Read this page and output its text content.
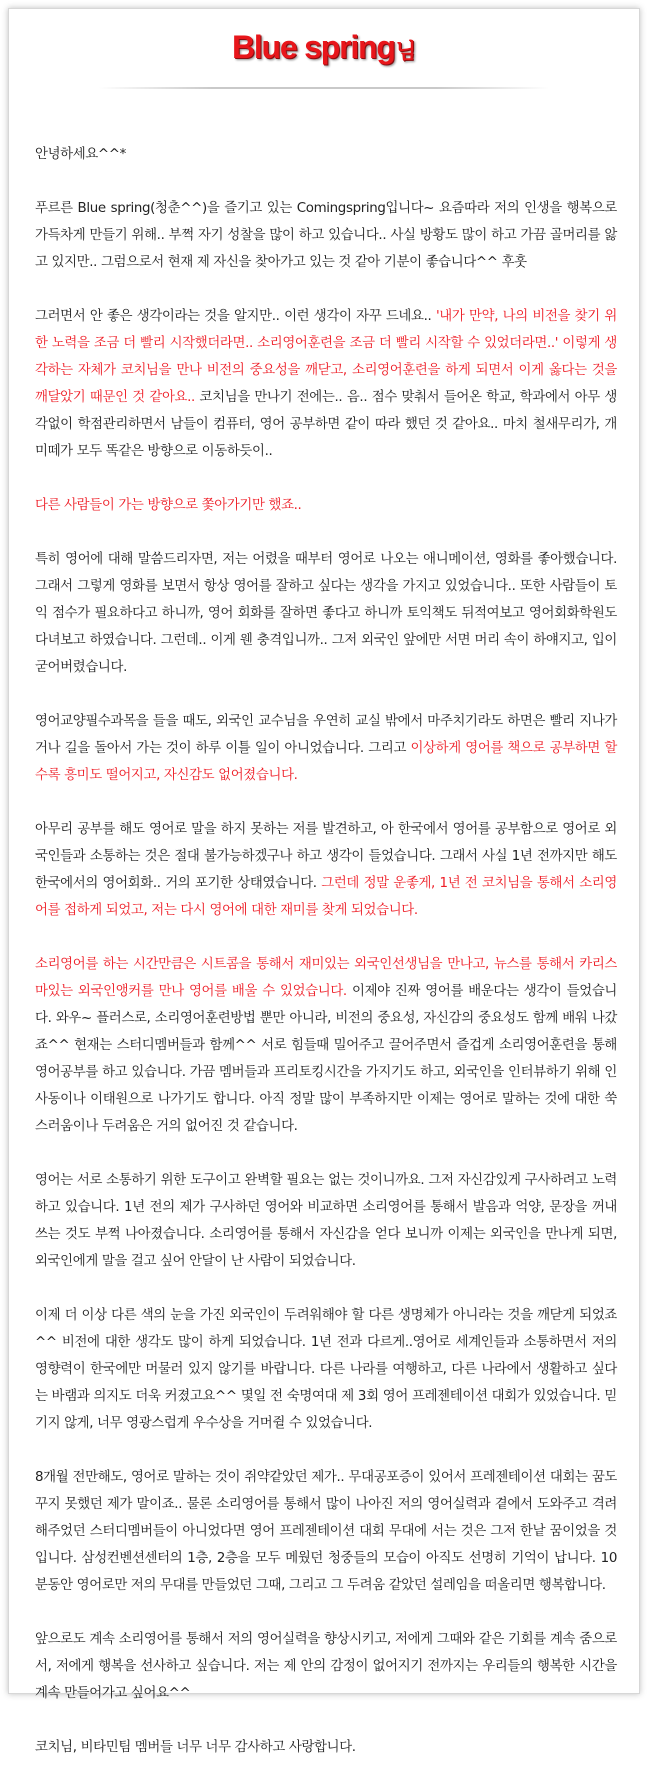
Blue spring님

안녕하세요^^*

푸르른 Blue spring(청춘^^)을 즐기고 있는 Comingspring입니다~ 요즘따라 저의 인생을 행복으로 가득차게 만들기 위해.. 부쩍 자기 성찰을 많이 하고 있습니다.. 사실 방황도 많이 하고 가끔 골머리를 앓고 있지만.. 그럼으로서 현재 제 자신을 찾아가고 있는 것 같아 기분이 좋습니다^^ 후훗

그러면서 안 좋은 생각이라는 것을 알지만.. 이런 생각이 자꾸 드네요.. '내가 만약, 나의 비전을 찾기 위한 노력을 조금 더 빨리 시작했더라면.. 소리영어훈련을 조금 더 빨리 시작할 수 있었더라면..' 이렇게 생각하는 자체가 코치님을 만나 비전의 중요성을 깨닫고, 소리영어훈련을 하게 되면서 이게 옳다는 것을 깨달았기 때문인 것 같아요.. 코치님을 만나기 전에는.. 음.. 점수 맞춰서 들어온 학교, 학과에서 아무 생각없이 학점관리하면서 남들이 컴퓨터, 영어 공부하면 같이 따라 했던 것 같아요.. 마치 철새무리가, 개미떼가 모두 똑같은 방향으로 이동하듯이..

다른 사람들이 가는 방향으로 쫓아가기만 했죠..

특히 영어에 대해 말씀드리자면, 저는 어렸을 때부터 영어로 나오는 애니메이션, 영화를 좋아했습니다. 그래서 그렇게 영화를 보면서 항상 영어를 잘하고 싶다는 생각을 가지고 있었습니다.. 또한 사람들이 토익 점수가 필요하다고 하니까, 영어 회화를 잘하면 좋다고 하니까 토익책도 뒤적여보고 영어회화학원도 다녀보고 하였습니다. 그런데.. 이게 웬 충격입니까.. 그저 외국인 앞에만 서면 머리 속이 하얘지고, 입이 굳어버렸습니다.

영어교양필수과목을 들을 때도, 외국인 교수님을 우연히 교실 밖에서 마주치기라도 하면은 빨리 지나가거나 길을 돌아서 가는 것이 하루 이틀 일이 아니었습니다. 그리고 이상하게 영어를 책으로 공부하면 할수록 흥미도 떨어지고, 자신감도 없어졌습니다.

아무리 공부를 해도 영어로 말을 하지 못하는 저를 발견하고, 아 한국에서 영어를 공부함으로 영어로 외국인들과 소통하는 것은 절대 불가능하겠구나 하고 생각이 들었습니다. 그래서 사실 1년 전까지만 해도 한국에서의 영어회화.. 거의 포기한 상태였습니다. 그런데 정말 운좋게, 1년 전 코치님을 통해서 소리영어를 접하게 되었고, 저는 다시 영어에 대한 재미를 찾게 되었습니다.

소리영어를 하는 시간만큼은 시트콤을 통해서 재미있는 외국인선생님을 만나고, 뉴스를 통해서 카리스마있는 외국인앵커를 만나 영어를 배울 수 있었습니다. 이제야 진짜 영어를 배운다는 생각이 들었습니다. 와우~ 플러스로, 소리영어훈련방법 뿐만 아니라, 비전의 중요성, 자신감의 중요성도 함께 배워 나갔죠^^ 현재는 스터디멤버들과 함께^^ 서로 힘들때 밀어주고 끌어주면서 즐겁게 소리영어훈련을 통해 영어공부를 하고 있습니다. 가끔 멤버들과 프리토킹시간을 가지기도 하고, 외국인을 인터뷰하기 위해 인사동이나 이태원으로 나가기도 합니다. 아직 정말 많이 부족하지만 이제는 영어로 말하는 것에 대한 쑥스러움이나 두려움은 거의 없어진 것 같습니다.

영어는 서로 소통하기 위한 도구이고 완벽할 필요는 없는 것이니까요. 그저 자신감있게 구사하려고 노력하고 있습니다. 1년 전의 제가 구사하던 영어와 비교하면 소리영어를 통해서 발음과 억양, 문장을 꺼내 쓰는 것도 부쩍 나아졌습니다. 소리영어를 통해서 자신감을 얻다 보니까 이제는 외국인을 만나게 되면, 외국인에게 말을 걸고 싶어 안달이 난 사람이 되었습니다.

이제 더 이상 다른 색의 눈을 가진 외국인이 두려워해야 할 다른 생명체가 아니라는 것을 깨닫게 되었죠^^ 비전에 대한 생각도 많이 하게 되었습니다. 1년 전과 다르게..영어로 세계인들과 소통하면서 저의 영향력이 한국에만 머물러 있지 않기를 바랍니다. 다른 나라를 여행하고, 다른 나라에서 생활하고 싶다는 바램과 의지도 더욱 커졌고요^^ 몇일 전 숙명여대 제 3회 영어 프레젠테이션 대회가 있었습니다. 믿기지 않게, 너무 영광스럽게 우수상을 거머쥘 수 있었습니다.

8개월 전만해도, 영어로 말하는 것이 쥐약같았던 제가.. 무대공포증이 있어서 프레젠테이션 대회는 꿈도 꾸지 못했던 제가 말이죠.. 물론 소리영어를 통해서 많이 나아진 저의 영어실력과 곁에서 도와주고 격려해주었던 스터디멤버들이 아니었다면 영어 프레젠테이션 대회 무대에 서는 것은 그저 한낱 꿈이었을 것입니다. 삼성컨벤션센터의 1층, 2층을 모두 메웠던 청중들의 모습이 아직도 선명히 기억이 납니다. 10분동안 영어로만 저의 무대를 만들었던 그때, 그리고 그 두려움 같았던 설레임을 떠올리면 행복합니다.

앞으로도 계속 소리영어를 통해서 저의 영어실력을 향상시키고, 저에게 그때와 같은 기회를 계속 줌으로서, 저에게 행복을 선사하고 싶습니다. 저는 제 안의 감정이 없어지기 전까지는 우리들의 행복한 시간을 계속 만들어가고 싶어요^^

코치님, 비타민팀 멤버들 너무 너무 감사하고 사랑합니다.
